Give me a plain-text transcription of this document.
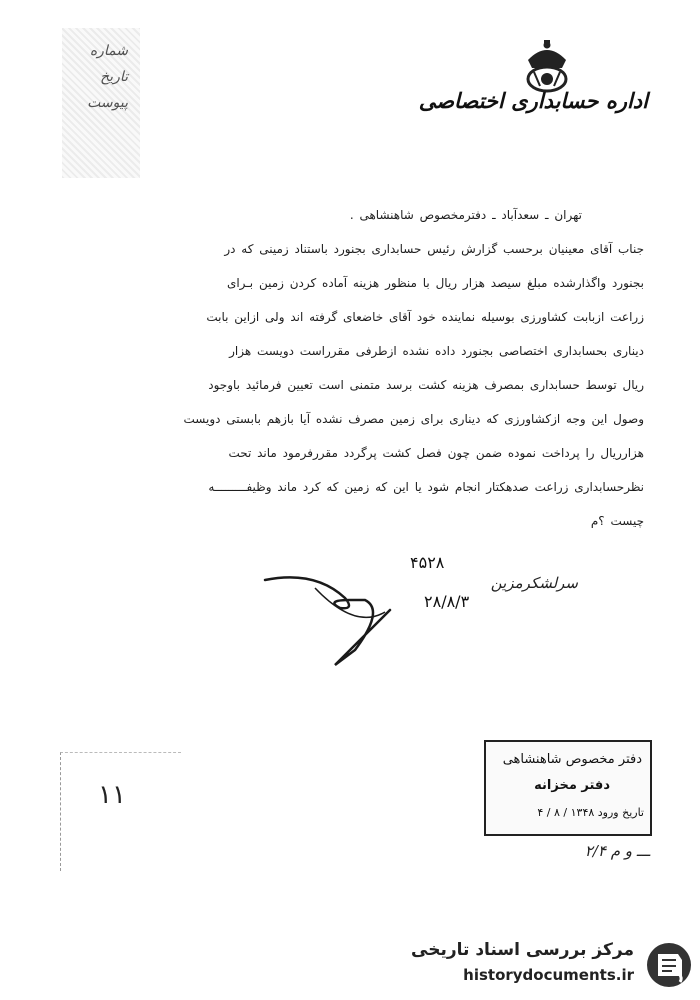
شماره
تاریخ
پیوست	اداره حسابداری اختصاصی

تهران ـ سعدآباد ـ دفترمخصوص شاهنشاهی .

جناب آقای معینیان برحسب گزارش رئیس حسابداری بجنورد باستناد زمینی که در

بجنورد واگذارشده مبلغ سیصد هزار ریال با منظور هزینه آماده کردن زمین بـرای

زراعت ازبابت کشاورزی بوسیله نماینده خود آقای خاضعای گرفته اند ولی ازاین بابت

دیناری بحسابداری اختصاصی بجنورد داده نشده ازطرفی مقرراست دویست هزار

ریال توسط حسابداری بمصرف هزینه کشت برسد متمنی است تعیین فرمائید باوجود

وصول این وجه ازکشاورزی که دیناری برای زمین مصرف نشده آیا بازهم بابستی دویست

هزارریال را پرداخت نموده ضمن چون فصل کشت پرگردد مقررفرمود ماند تحت

نظرحسابداری زراعت صدهکتار انجام شود یا این که زمین که کرد ماند وظیفـــــــــه

چیست ؟م

۴۵۲۸
سرلشکرمزین
۲۸/۸/۳
۱۱
دفتر مخصوص شاهنشاهی
دفتر مخزانه
تاریخ ورود ۱۳۴۸ / ۸ / ۴
ـــ و م ۲/۴
مرکز بررسی اسناد تاریخی
historydocuments.ir
